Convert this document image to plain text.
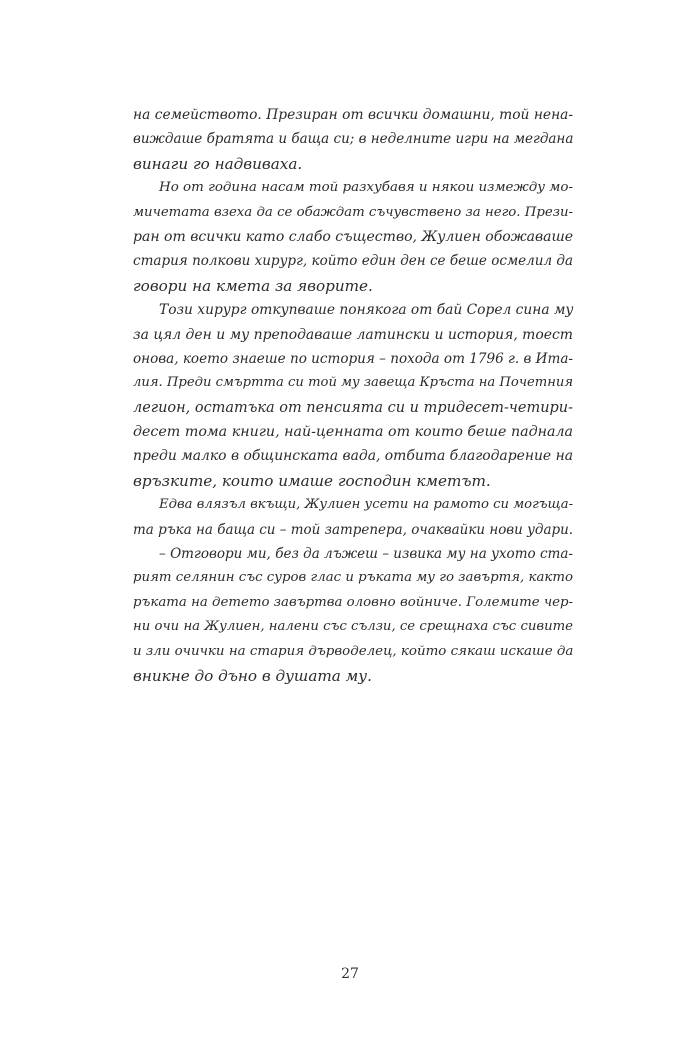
на семейството. Презиран от всички домашни, той нена-
виждаше братята и баща си; в неделните игри на мегдана
винаги го надвиваха.
Но от година насам той разхубавя и някои измежду мо-
мичетата взеха да се обаждат съчувствено за него. Прези-
ран от всички като слабо същество, Жулиен обожаваше
стария полкови хирург, който един ден се беше осмелил да
говори на кмета за яворите.
Този хирург откупваше понякога от бай Сорел сина му
за цял ден и му преподаваше латински и история, тоест
онова, което знаеше по история – похода от 1796 г. в Ита-
лия. Преди смъртта си той му завеща Кръста на Почетния
легион, остатъка от пенсията си и тридесет-четири-
десет тома книги, най-ценната от които беше паднала
преди малко в общинската вада, отбита благодарение на
връзките, които имаше господин кметът.
Едва влязъл вкъщи, Жулиен усети на рамото си могъща-
та ръка на баща си – той затрепера, очаквайки нови удари.
– Отговори ми, без да лъжеш – извика му на ухото ста-
рият селянин със суров глас и ръката му го завъртя, както
ръката на детето завъртва оловно войниче. Големите чер-
ни очи на Жулиен, налени със сълзи, се срещнаха със сивите
и зли очички на стария дърводелец, който сякаш искаше да
вникне до дъно в душата му.
27
